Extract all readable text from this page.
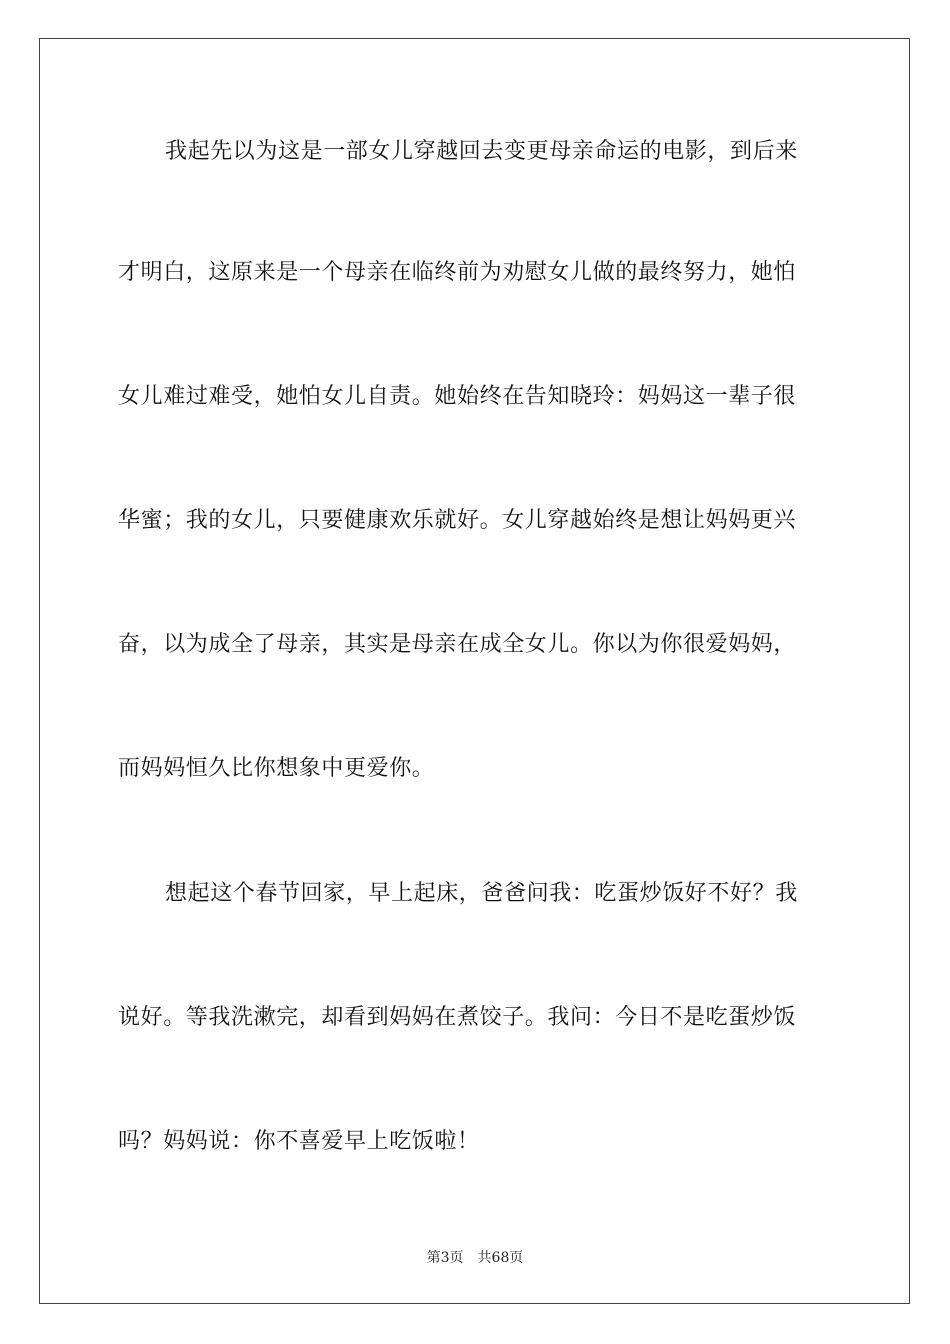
我起先以为这是一部女儿穿越回去变更母亲命运的电影，到后来
才明白，这原来是一个母亲在临终前为劝慰女儿做的最终努力，她怕
女儿难过难受，她怕女儿自责。她始终在告知晓玲：妈妈这一辈子很
华蜜；我的女儿，只要健康欢乐就好。女儿穿越始终是想让妈妈更兴
奋，以为成全了母亲，其实是母亲在成全女儿。你以为你很爱妈妈，
而妈妈恒久比你想象中更爱你。
想起这个春节回家，早上起床，爸爸问我：吃蛋炒饭好不好？我
说好。等我洗漱完，却看到妈妈在煮饺子。我问：今日不是吃蛋炒饭
吗？妈妈说：你不喜爱早上吃饭啦！
第3页 共68页
